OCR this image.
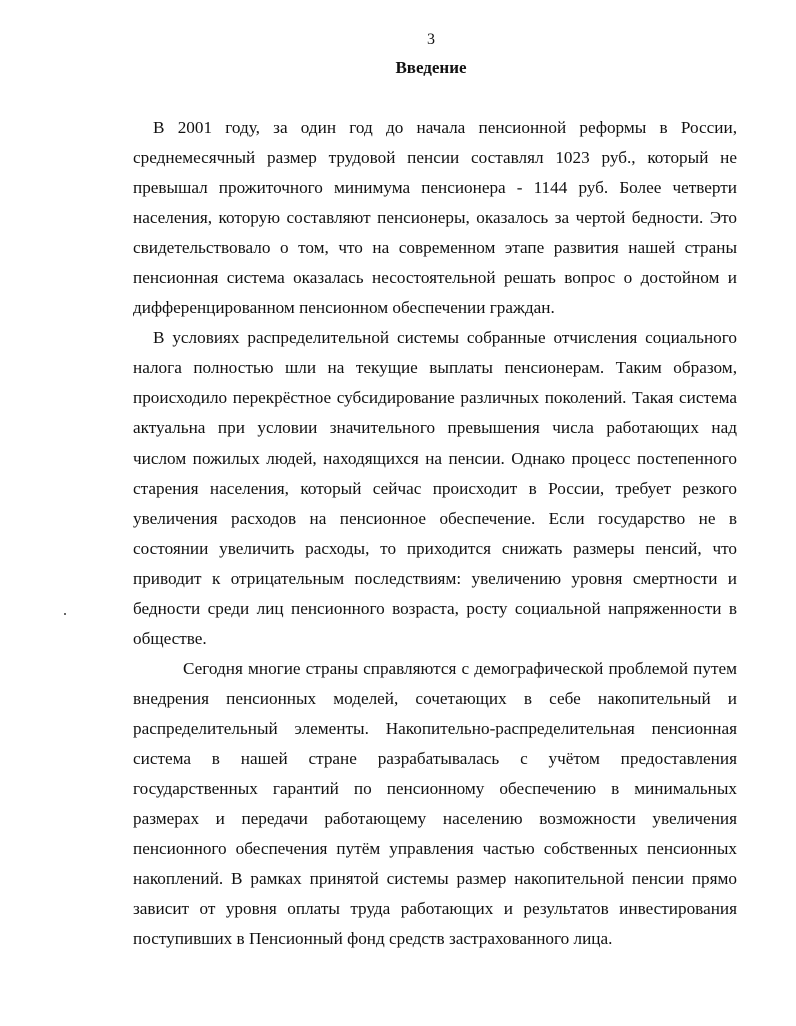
3
Введение

В 2001 году, за один год до начала пенсионной реформы в России, среднемесячный размер трудовой пенсии составлял 1023 руб., который не превышал прожиточного минимума пенсионера - 1144 руб. Более четверти населения, которую составляют пенсионеры, оказалось за чертой бедности. Это свидетельствовало о том, что на современном этапе развития нашей страны пенсионная система оказалась несостоятельной решать вопрос о достойном и дифференцированном пенсионном обеспечении граждан.

В условиях распределительной системы собранные отчисления социального налога полностью шли на текущие выплаты пенсионерам. Таким образом, происходило перекрёстное субсидирование различных поколений. Такая система актуальна при условии значительного превышения числа работающих над числом пожилых людей, находящихся на пенсии. Однако процесс постепенного старения населения, который сейчас происходит в России, требует резкого увеличения расходов на пенсионное обеспечение. Если государство не в состоянии увеличить расходы, то приходится снижать размеры пенсий, что приводит к отрицательным последствиям: увеличению уровня смертности и бедности среди лиц пенсионного возраста, росту социальной напряженности в обществе.

Сегодня многие страны справляются с демографической проблемой путем внедрения пенсионных моделей, сочетающих в себе накопительный и распределительный элементы. Накопительно-распределительная пенсионная система в нашей стране разрабатывалась с учётом предоставления государственных гарантий по пенсионному обеспечению в минимальных размерах и передачи работающему населению возможности увеличения пенсионного обеспечения путём управления частью собственных пенсионных накоплений. В рамках принятой системы размер накопительной пенсии прямо зависит от уровня оплаты труда работающих и результатов инвестирования поступивших в Пенсионный фонд средств застрахованного лица.
